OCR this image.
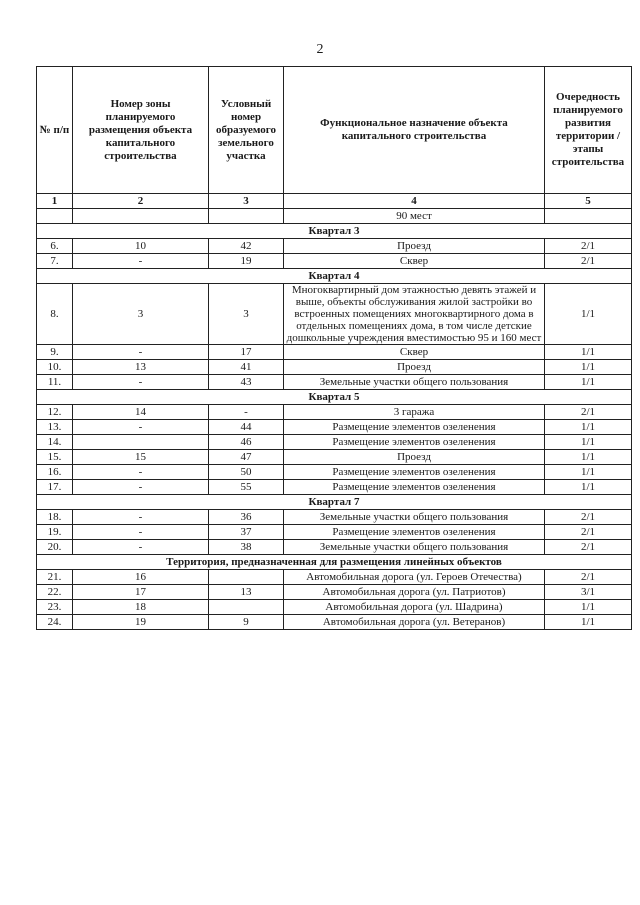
2
№ п/п	Номер зоны планируемого размещения объекта капитального строительства	Условный номер образуемого земельного участка	Функциональное назначение объекта капитального строительства	Очередность планируемого развития территории / этапы строительства
1	2	3	4	5
			90 мест	
Квартал 3				
6.	10	42	Проезд	2/1
7.	-	19	Сквер	2/1
Квартал 4				
8.	3	3	Многоквартирный дом этажностью девять этажей и выше, объекты обслуживания жилой застройки во встроенных помещениях многоквартирного дома в отдельных помещениях дома, в том числе детские дошкольные учреждения вместимостью 95 и 160 мест	1/1
9.	-	17	Сквер	1/1
10.	13	41	Проезд	1/1
11.	-	43	Земельные участки общего пользования	1/1
Квартал 5				
12.	14	-	3 гаража	2/1
13.	-	44	Размещение элементов озеленения	1/1
14.		46	Размещение элементов озеленения	1/1
15.	15	47	Проезд	1/1
16.	-	50	Размещение элементов озеленения	1/1
17.	-	55	Размещение элементов озеленения	1/1
Квартал 7				
18.	-	36	Земельные участки общего пользования	2/1
19.	-	37	Размещение элементов озеленения	2/1
20.	-	38	Земельные участки общего пользования	2/1
Территория, предназначенная для размещения линейных объектов				
21.	16		Автомобильная дорога (ул. Героев Отечества)	2/1
22.	17	13	Автомобильная дорога (ул. Патриотов)	3/1
23.	18		Автомобильная дорога (ул. Шадрина)	1/1
24.	19	9	Автомобильная дорога (ул. Ветеранов)	1/1
